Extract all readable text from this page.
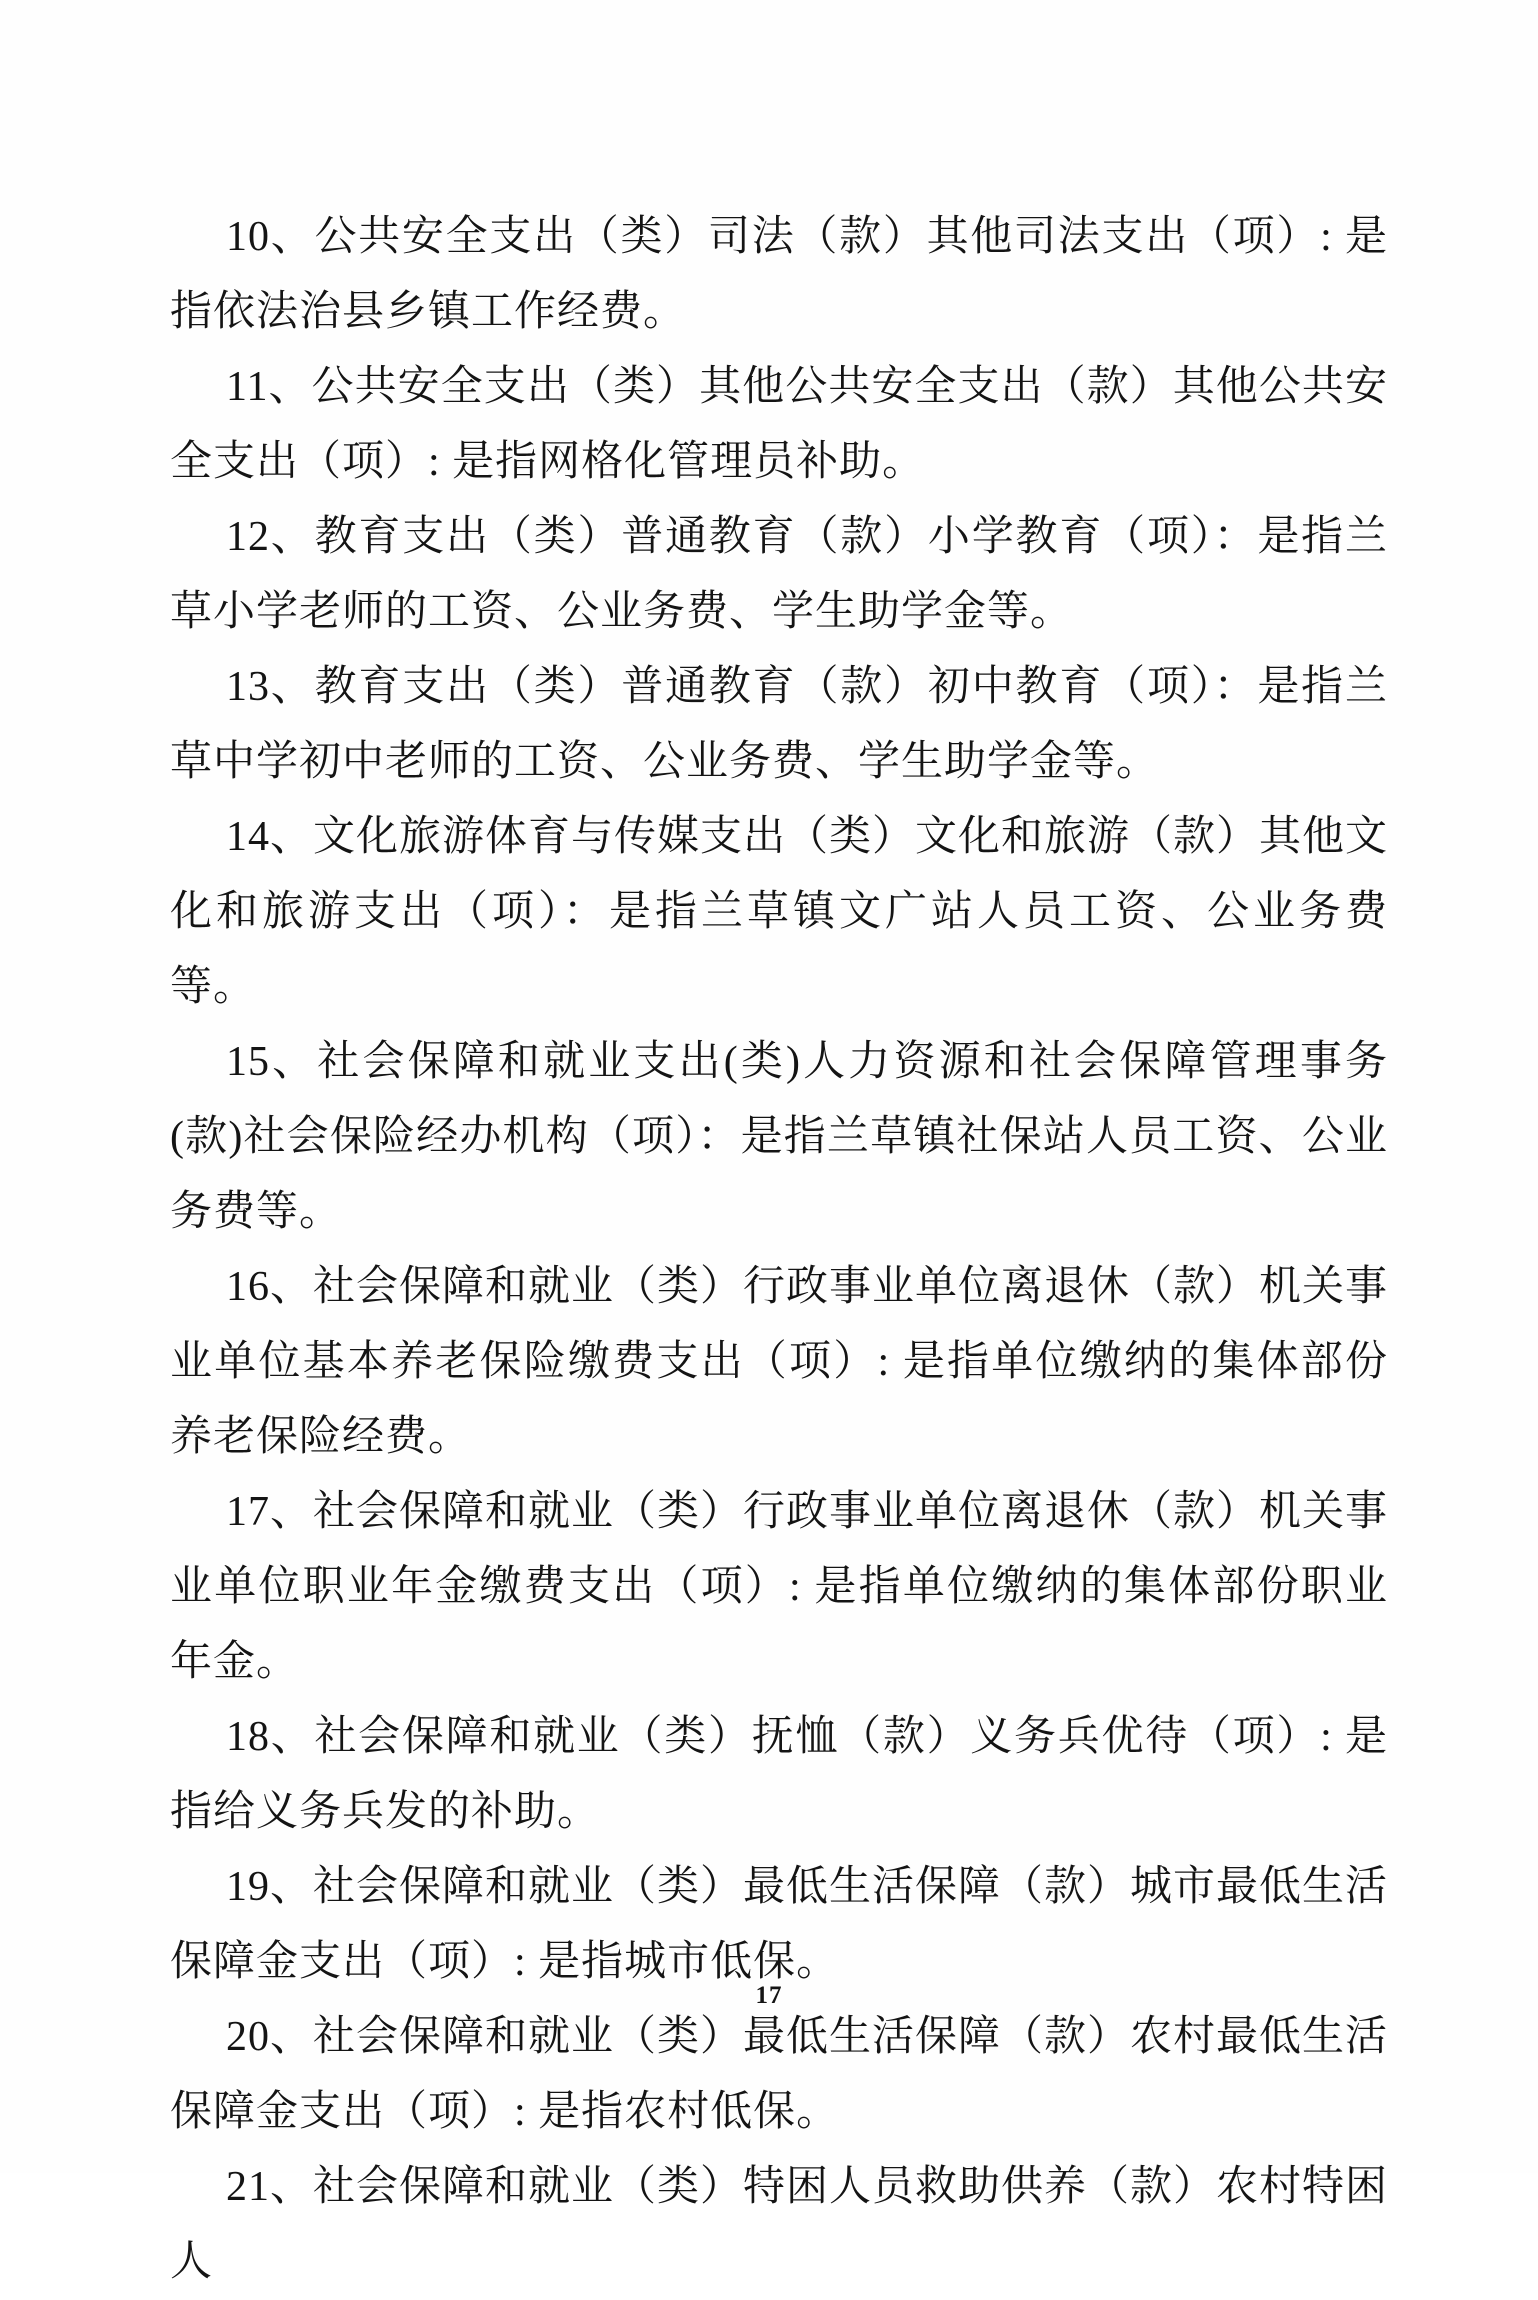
10、公共安全支出（类）司法（款）其他司法支出（项）: 是指依法治县乡镇工作经费。

11、公共安全支出（类）其他公共安全支出（款）其他公共安全支出（项）: 是指网格化管理员补助。

12、教育支出（类）普通教育（款）小学教育（项）：是指兰草小学老师的工资、公业务费、学生助学金等。

13、教育支出（类）普通教育（款）初中教育（项）：是指兰草中学初中老师的工资、公业务费、学生助学金等。

14、文化旅游体育与传媒支出（类）文化和旅游（款）其他文化和旅游支出（项）：是指兰草镇文广站人员工资、公业务费等。

15、社会保障和就业支出(类)人力资源和社会保障管理事务(款)社会保险经办机构（项）：是指兰草镇社保站人员工资、公业务费等。

16、社会保障和就业（类）行政事业单位离退休（款）机关事业单位基本养老保险缴费支出（项）: 是指单位缴纳的集体部份养老保险经费。

17、社会保障和就业（类）行政事业单位离退休（款）机关事业单位职业年金缴费支出（项）: 是指单位缴纳的集体部份职业年金。

18、社会保障和就业（类）抚恤（款）义务兵优待（项）: 是指给义务兵发的补助。

19、社会保障和就业（类）最低生活保障（款）城市最低生活保障金支出（项）: 是指城市低保。

20、社会保障和就业（类）最低生活保障（款）农村最低生活保障金支出（项）: 是指农村低保。

21、社会保障和就业（类）特困人员救助供养（款）农村特困人

17
